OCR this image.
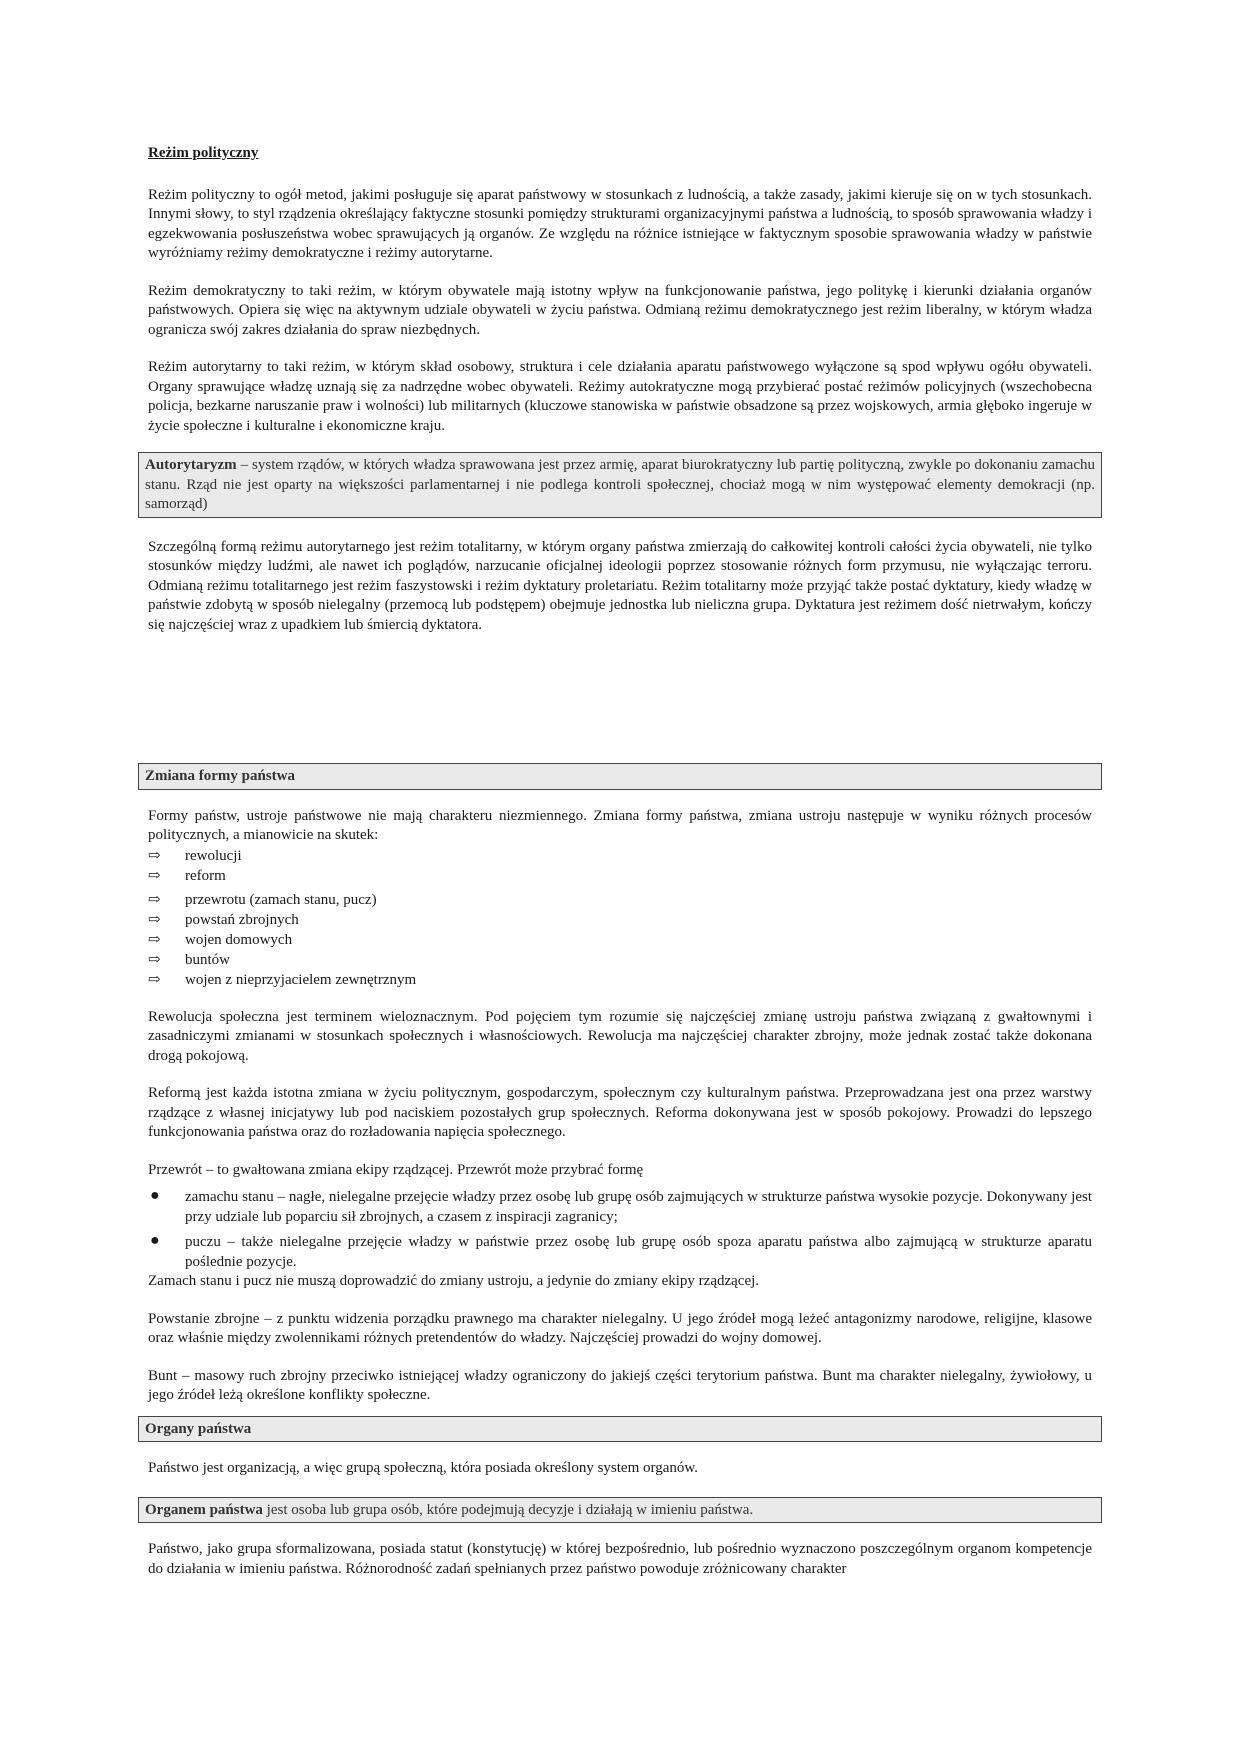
Reżim polityczny

Reżim polityczny to ogół metod, jakimi posługuje się aparat państwowy w stosunkach z ludnością, a także zasady, jakimi kieruje się on w tych stosunkach. Innymi słowy, to styl rządzenia określający faktyczne stosunki pomiędzy strukturami organizacyjnymi państwa a ludnością, to sposób sprawowania władzy i egzekwowania posłuszeństwa wobec sprawujących ją organów. Ze względu na różnice istniejące w faktycznym sposobie sprawowania władzy w państwie wyróżniamy reżimy demokratyczne i reżimy autorytarne.

Reżim demokratyczny to taki reżim, w którym obywatele mają istotny wpływ na funkcjonowanie państwa, jego politykę i kierunki działania organów państwowych. Opiera się więc na aktywnym udziale obywateli w życiu państwa. Odmianą reżimu demokratycznego jest reżim liberalny, w którym władza ogranicza swój zakres działania do spraw niezbędnych.

Reżim autorytarny to taki reżim, w którym skład osobowy, struktura i cele działania aparatu państwowego wyłączone są spod wpływu ogółu obywateli. Organy sprawujące władzę uznają się za nadrzędne wobec obywateli. Reżimy autokratyczne mogą przybierać postać reżimów policyjnych (wszechobecna policja, bezkarne naruszanie praw i wolności) lub militarnych (kluczowe stanowiska w państwie obsadzone są przez wojskowych, armia głęboko ingeruje w życie społeczne i kulturalne i ekonomiczne kraju.

Autorytaryzm – system rządów, w których władza sprawowana jest przez armię, aparat biurokratyczny lub partię polityczną, zwykle po dokonaniu zamachu stanu. Rząd nie jest oparty na większości parlamentarnej i nie podlega kontroli społecznej, chociaż mogą w nim występować elementy demokracji (np. samorząd)

Szczególną formą reżimu autorytarnego jest reżim totalitarny, w którym organy państwa zmierzają do całkowitej kontroli całości życia obywateli, nie tylko stosunków między ludźmi, ale nawet ich poglądów, narzucanie oficjalnej ideologii poprzez stosowanie różnych form przymusu, nie wyłączając terroru. Odmianą reżimu totalitarnego jest reżim faszystowski i reżim dyktatury proletariatu. Reżim totalitarny może przyjąć także postać dyktatury, kiedy władzę w państwie zdobytą w sposób nielegalny (przemocą lub podstępem) obejmuje jednostka lub nieliczna grupa. Dyktatura jest reżimem dość nietrwałym, kończy się najczęściej wraz z upadkiem lub śmiercią dyktatora.

Zmiana formy państwa

Formy państw, ustroje państwowe nie mają charakteru niezmiennego. Zmiana formy państwa, zmiana ustroju następuje w wyniku różnych procesów politycznych, a mianowicie na skutek:

⇨ rewolucji
⇨ reform
⇨ przewrotu (zamach stanu, pucz)
⇨ powstań zbrojnych
⇨ wojen domowych
⇨ buntów
⇨ wojen z nieprzyjacielem zewnętrznym

Rewolucja społeczna jest terminem wieloznacznym. Pod pojęciem tym rozumie się najczęściej zmianę ustroju państwa związaną z gwałtownymi i zasadniczymi zmianami w stosunkach społecznych i własnościowych. Rewolucja ma najczęściej charakter zbrojny, może jednak zostać także dokonana drogą pokojową.

Reformą jest każda istotna zmiana w życiu politycznym, gospodarczym, społecznym czy kulturalnym państwa. Przeprowadzana jest ona przez warstwy rządzące z własnej inicjatywy lub pod naciskiem pozostałych grup społecznych. Reforma dokonywana jest w sposób pokojowy. Prowadzi do lepszego funkcjonowania państwa oraz do rozładowania napięcia społecznego.

Przewrót – to gwałtowana zmiana ekipy rządzącej. Przewrót może przybrać formę

● zamachu stanu – nagłe, nielegalne przejęcie władzy przez osobę lub grupę osób zajmujących w strukturze państwa wysokie pozycje. Dokonywany jest przy udziale lub poparciu sił zbrojnych, a czasem z inspiracji zagranicy;

● puczu – także nielegalne przejęcie władzy w państwie przez osobę lub grupę osób spoza aparatu państwa albo zajmującą w strukturze aparatu pośledniе pozycje.

Zamach stanu i pucz nie muszą doprowadzić do zmiany ustroju, a jedynie do zmiany ekipy rządzącej.

Powstanie zbrojne – z punktu widzenia porządku prawnego ma charakter nielegalny. U jego źródeł mogą leżeć antagonizmy narodowe, religijne, klasowe oraz właśnie między zwolennikami różnych pretendentów do władzy. Najczęściej prowadzi do wojny domowej.

Bunt – masowy ruch zbrojny przeciwko istniejącej władzy ograniczony do jakiejś części terytorium państwa. Bunt ma charakter nielegalny, żywiołowy, u jego źródeł leżą określone konflikty społeczne.

Organy państwa

Państwo jest organizacją, a więc grupą społeczną, która posiada określony system organów.

Organem państwa jest osoba lub grupa osób, które podejmują decyzje i działają w imieniu państwa.

Państwo, jako grupa sformalizowana, posiada statut (konstytucję) w której bezpośrednio, lub pośrednio wyznaczono poszczególnym organom kompetencje do działania w imieniu państwa. Różnorodność zadań spełnianych przez państwo powoduje zróżnicowany charakter
